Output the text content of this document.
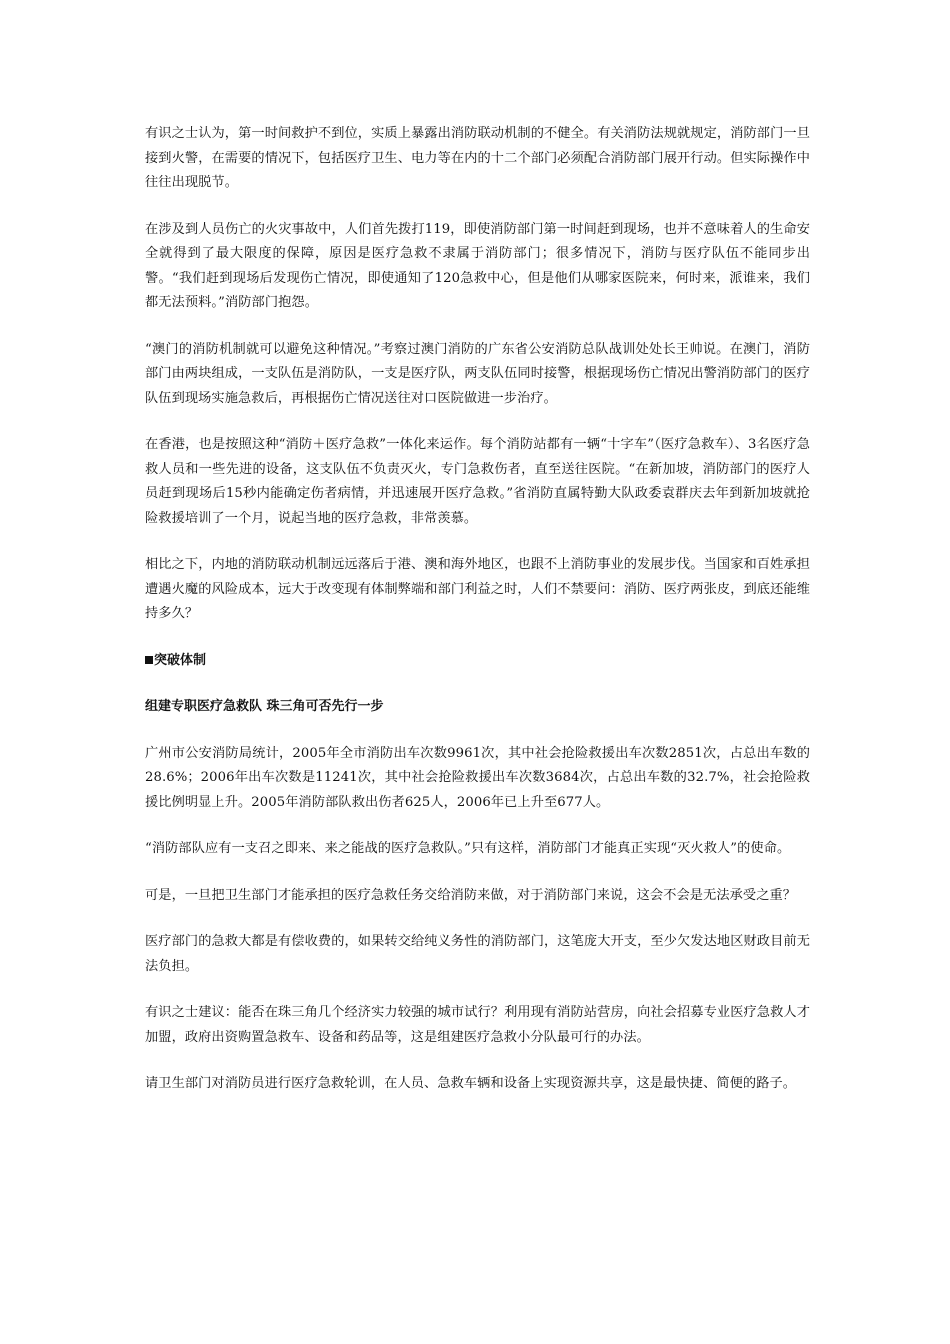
有识之士认为，第一时间救护不到位，实质上暴露出消防联动机制的不健全。有关消防法规就规定，消防部门一旦接到火警，在需要的情况下，包括医疗卫生、电力等在内的十二个部门必须配合消防部门展开行动。但实际操作中往往出现脱节。

在涉及到人员伤亡的火灾事故中，人们首先拨打119，即使消防部门第一时间赶到现场，也并不意味着人的生命安全就得到了最大限度的保障，原因是医疗急救不隶属于消防部门；很多情况下，消防与医疗队伍不能同步出警。“我们赶到现场后发现伤亡情况，即使通知了120急救中心，但是他们从哪家医院来，何时来，派谁来，我们都无法预料。”消防部门抱怨。

“澳门的消防机制就可以避免这种情况。”考察过澳门消防的广东省公安消防总队战训处处长王帅说。在澳门，消防部门由两块组成，一支队伍是消防队，一支是医疗队，两支队伍同时接警，根据现场伤亡情况出警消防部门的医疗队伍到现场实施急救后，再根据伤亡情况送往对口医院做进一步治疗。

在香港，也是按照这种“消防＋医疗急救”一体化来运作。每个消防站都有一辆“十字车”（医疗急救车）、3名医疗急救人员和一些先进的设备，这支队伍不负责灭火，专门急救伤者，直至送往医院。“在新加坡，消防部门的医疗人员赶到现场后15秒内能确定伤者病情，并迅速展开医疗急救。”省消防直属特勤大队政委袁群庆去年到新加坡就抢险救援培训了一个月，说起当地的医疗急救，非常羡慕。

相比之下，内地的消防联动机制远远落后于港、澳和海外地区，也跟不上消防事业的发展步伐。当国家和百姓承担遭遇火魔的风险成本，远大于改变现有体制弊端和部门利益之时，人们不禁要问：消防、医疗两张皮，到底还能维持多久？

突破体制
组建专职医疗急救队 珠三角可否先行一步

广州市公安消防局统计，2005年全市消防出车次数9961次，其中社会抢险救援出车次数2851次，占总出车数的28.6%；2006年出车次数是11241次，其中社会抢险救援出车次数3684次，占总出车数的32.7%，社会抢险救援比例明显上升。2005年消防部队救出伤者625人，2006年已上升至677人。

“消防部队应有一支召之即来、来之能战的医疗急救队。”只有这样，消防部门才能真正实现“灭火救人”的使命。

可是，一旦把卫生部门才能承担的医疗急救任务交给消防来做，对于消防部门来说，这会不会是无法承受之重？

医疗部门的急救大都是有偿收费的，如果转交给纯义务性的消防部门，这笔庞大开支，至少欠发达地区财政目前无法负担。

有识之士建议：能否在珠三角几个经济实力较强的城市试行？利用现有消防站营房，向社会招募专业医疗急救人才加盟，政府出资购置急救车、设备和药品等，这是组建医疗急救小分队最可行的办法。

请卫生部门对消防员进行医疗急救轮训，在人员、急救车辆和设备上实现资源共享，这是最快捷、简便的路子。
